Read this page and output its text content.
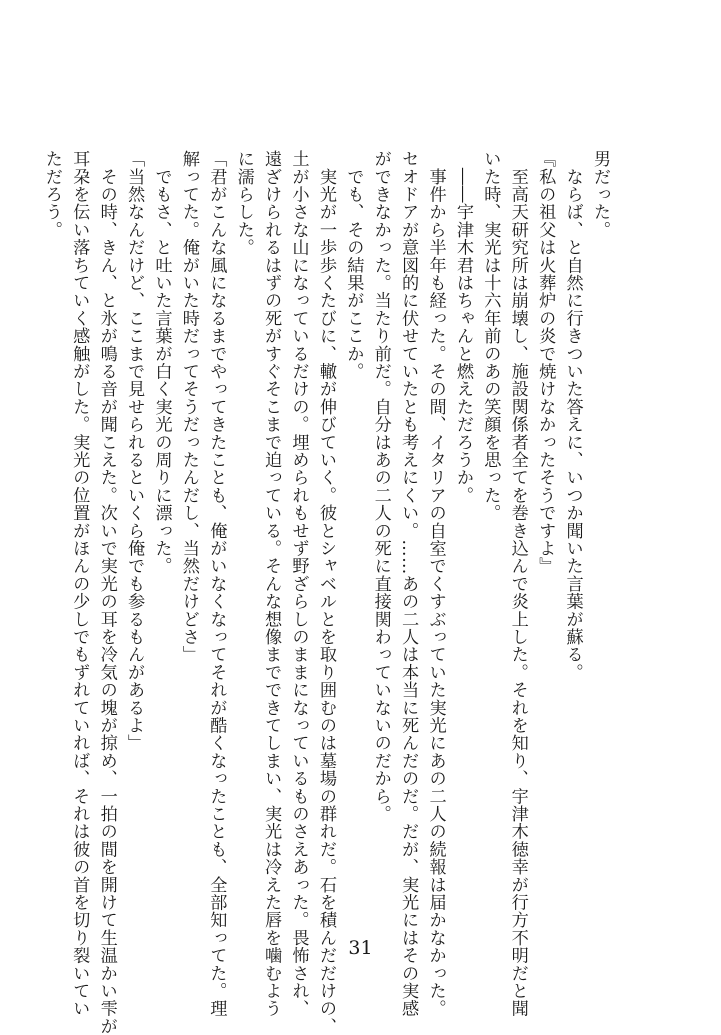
男だった。

　ならば、と自然に行きついた答えに、いつか聞いた言葉が蘇る。

『私の祖父は火葬炉の炎で焼けなかったそうですよ』

　至高天研究所は崩壊し、施設関係者全てを巻き込んで炎上した。それを知り、宇津木徳幸が行方不明だと聞

いた時、実光は十六年前のあの笑顔を思った。

　――宇津木君はちゃんと燃えただろうか。

　事件から半年も経った。その間、イタリアの自室でくすぶっていた実光にあの二人の続報は届かなかった。

セオドアが意図的に伏せていたとも考えにくい。……あの二人は本当に死んだのだ。だが、実光にはその実感

ができなかった。当たり前だ。自分はあの二人の死に直接関わっていないのだから。

　でも、その結果がここか。

　実光が一歩歩くたびに、轍が伸びていく。彼とシャベルとを取り囲むのは墓場の群れだ。石を積んだだけの、

土が小さな山になっているだけの。埋められもせず野ざらしのままになっているものさえあった。畏怖され、

遠ざけられるはずの死がすぐそこまで迫っている。そんな想像までできてしまい、実光は冷えた唇を噛むよう

に濡らした。

「君がこんな風になるまでやってきたことも、俺がいなくなってそれが酷くなったことも、全部知ってた。理

解ってた。俺がいた時だってそうだったんだし、当然だけどさ」

　でもさ、と吐いた言葉が白く実光の周りに漂った。

「当然なんだけど、ここまで見せられるといくら俺でも参るもんがあるよ」

　その時、きん、と氷が鳴る音が聞こえた。次いで実光の耳を冷気の塊が掠め、一拍の間を開けて生温かい雫が

耳朶を伝い落ちていく感触がした。実光の位置がほんの少しでもずれていれば、それは彼の首を切り裂いてい

ただろう。

31
